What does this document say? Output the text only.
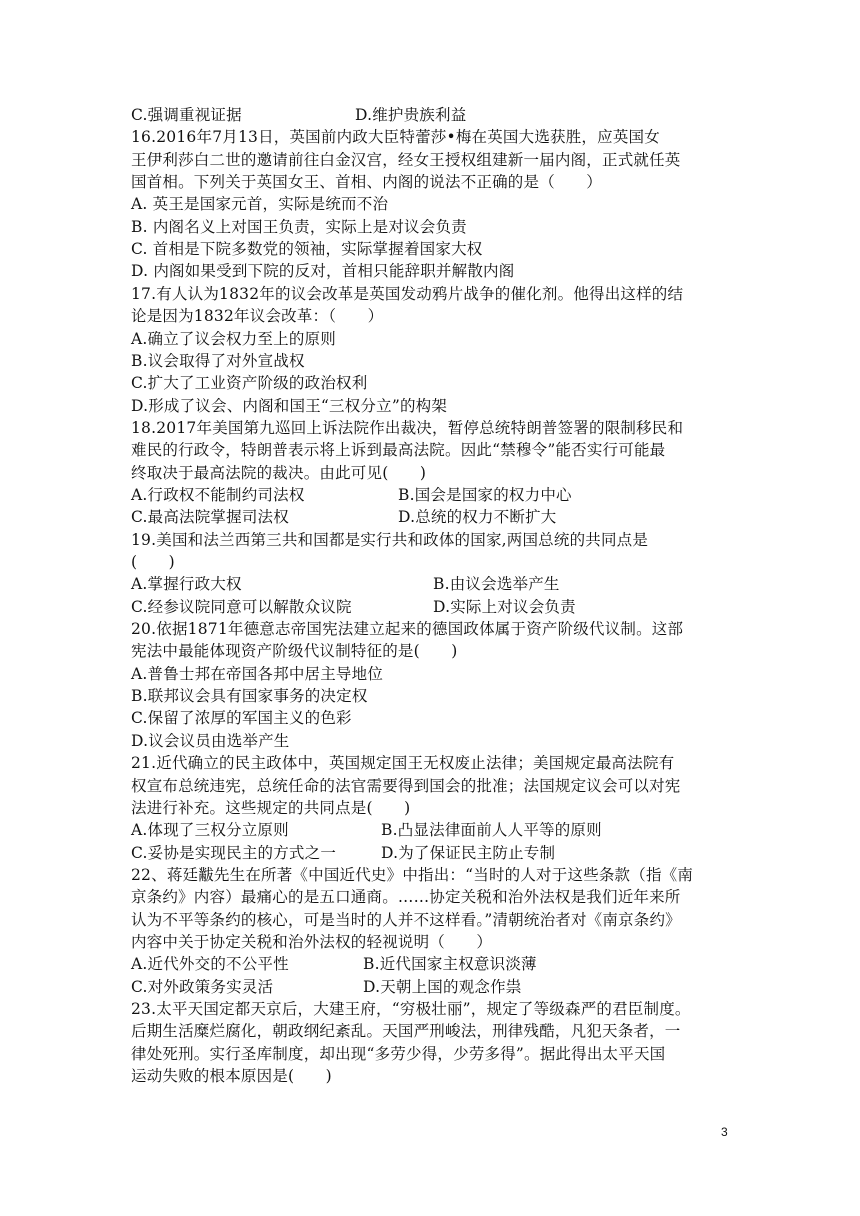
C.强调重视证据	D.维护贵族利益
16.2016年7月13日，英国前内政大臣特蕾莎•梅在英国大选获胜，应英国女
王伊利莎白二世的邀请前往白金汉宫，经女王授权组建新一届内阁，正式就任英
国首相。下列关于英国女王、首相、内阁的说法不正确的是（　　）
A. 英王是国家元首，实际是统而不治
B. 内阁名义上对国王负责，实际上是对议会负责
C. 首相是下院多数党的领袖，实际掌握着国家大权
D. 内阁如果受到下院的反对，首相只能辞职并解散内阁
17.有人认为1832年的议会改革是英国发动鸦片战争的催化剂。他得出这样的结
论是因为1832年议会改革：（　　）
A.确立了议会权力至上的原则
B.议会取得了对外宣战权
C.扩大了工业资产阶级的政治权利
D.形成了议会、内阁和国王“三权分立”的构架
18.2017年美国第九巡回上诉法院作出裁决，暂停总统特朗普签署的限制移民和
难民的行政令，特朗普表示将上诉到最高法院。因此“禁穆令”能否实行可能最
终取决于最高法院的裁决。由此可见(　　)
A.行政权不能制约司法权	B.国会是国家的权力中心
C.最高法院掌握司法权	D.总统的权力不断扩大
19.美国和法兰西第三共和国都是实行共和政体的国家,两国总统的共同点是
(　　)
A.掌握行政大权	B.由议会选举产生
C.经参议院同意可以解散众议院	D.实际上对议会负责
20.依据1871年德意志帝国宪法建立起来的德国政体属于资产阶级代议制。这部
宪法中最能体现资产阶级代议制特征的是(　　)
A.普鲁士邦在帝国各邦中居主导地位
B.联邦议会具有国家事务的决定权
C.保留了浓厚的军国主义的色彩
D.议会议员由选举产生
21.近代确立的民主政体中，英国规定国王无权废止法律；美国规定最高法院有
权宣布总统违宪，总统任命的法官需要得到国会的批准；法国规定议会可以对宪
法进行补充。这些规定的共同点是(　　)
A.体现了三权分立原则	B.凸显法律面前人人平等的原则
C.妥协是实现民主的方式之一	D.为了保证民主防止专制
22、蒋廷黻先生在所著《中国近代史》中指出：“当时的人对于这些条款（指《南
京条约》内容）最痛心的是五口通商。……协定关税和治外法权是我们近年来所
认为不平等条约的核心，可是当时的人并不这样看。”清朝统治者对《南京条约》
内容中关于协定关税和治外法权的轻视说明（　　）
A.近代外交的不公平性	B.近代国家主权意识淡薄
C.对外政策务实灵活	D.天朝上国的观念作祟
23.太平天国定都天京后，大建王府，“穷极壮丽”，规定了等级森严的君臣制度。
后期生活糜烂腐化，朝政纲纪紊乱。天国严刑峻法，刑律残酷，凡犯天条者，一
律处死刑。实行圣库制度，却出现“多劳少得，少劳多得”。据此得出太平天国
运动失败的根本原因是(　　)
3
